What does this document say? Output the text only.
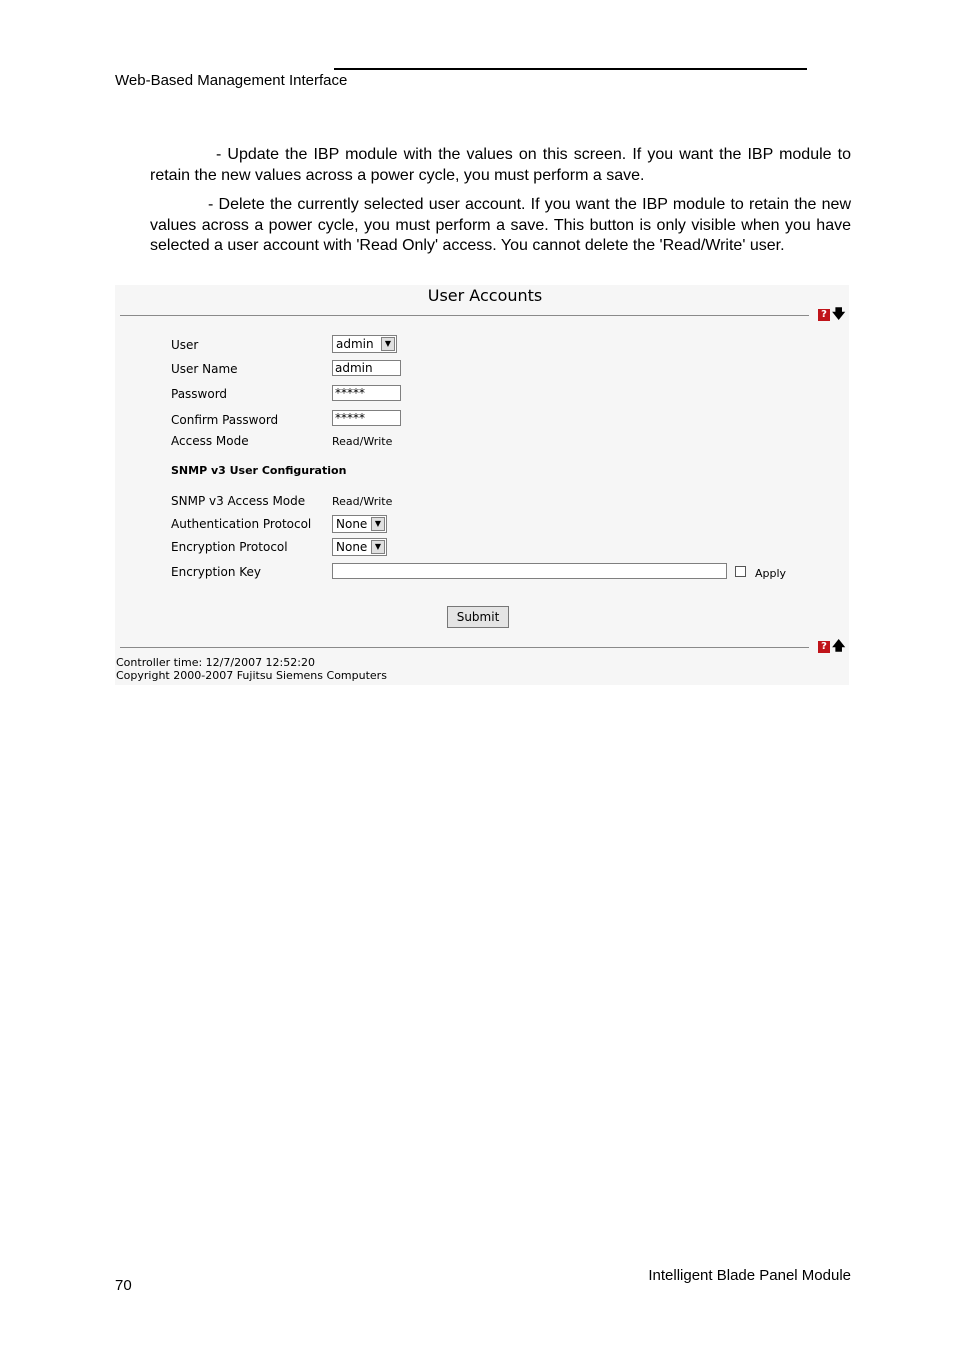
Web-Based Management Interface
- Update the IBP module with the values on this screen. If you want the IBP module to retain the new values across a power cycle, you must perform a save.
- Delete the currently selected user account. If you want the IBP module to retain the new values across a power cycle, you must perform a save. This button is only visible when you have selected a user account with 'Read Only' access. You cannot delete the 'Read/Write' user.
User Accounts
? 🡇
User	admin	▼
User Name	admin
Password	*****
Confirm Password	*****
Access Mode	Read/Write
SNMP v3 User Configuration
SNMP v3 Access Mode Read/Write
Authentication Protocol	None ▼
Encryption Protocol	None ▼
Encryption Key	Apply
Submit
? 🡅
Controller time: 12/7/2007 12:52:20
Copyright 2000-2007 Fujitsu Siemens Computers
70
Intelligent Blade Panel Module
